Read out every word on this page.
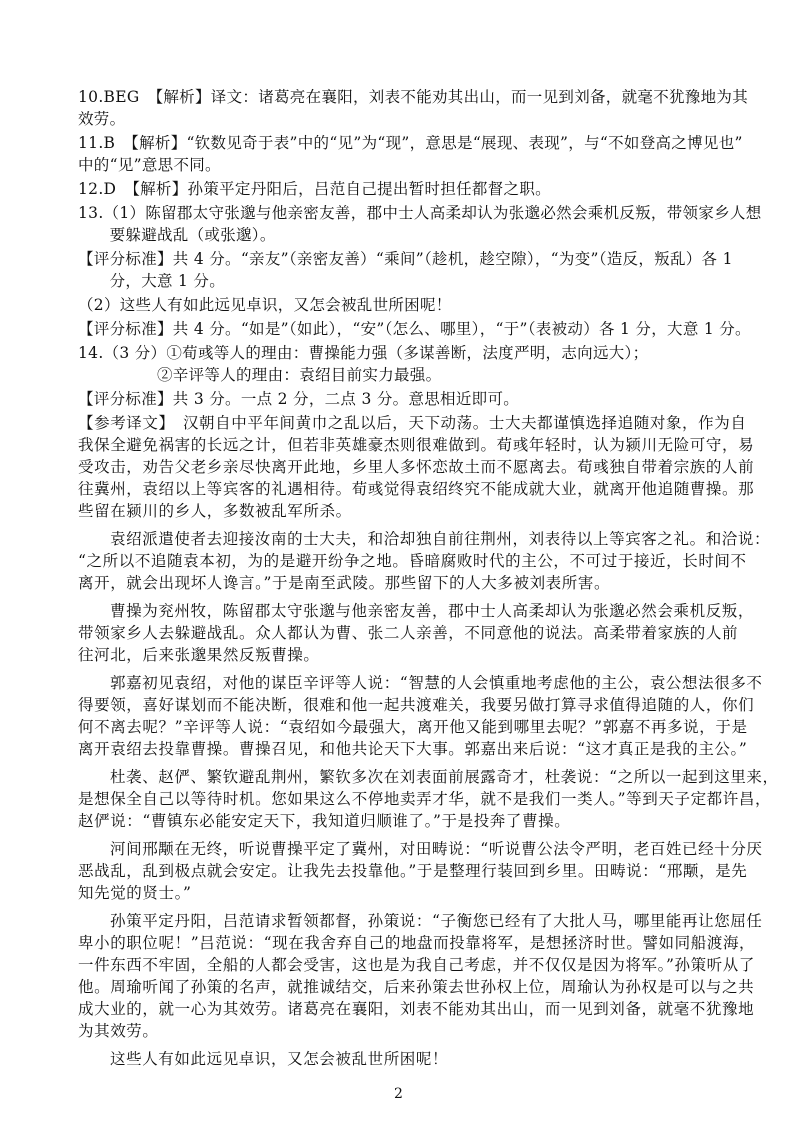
10.BEG　【解析】译文：诸葛亮在襄阳，刘表不能劝其出山，而一见到刘备，就毫不犹豫地为其
效劳。
11.B　【解析】“钦数见奇于表”中的“见”为“现”，意思是“展现、表现”，与“不如登高之博见也”
中的“见”意思不同。
12.D　【解析】孙策平定丹阳后，吕范自己提出暂时担任都督之职。
13.（1）陈留郡太守张邈与他亲密友善，郡中士人高柔却认为张邈必然会乘机反叛，带领家乡人想
　　要躲避战乱（或张邈）。
【评分标准】共 4 分。“亲友”（亲密友善）“乘间”（趁机，趁空隙），“为变”（造反，叛乱）各 1
　　分，大意 1 分。
（2）这些人有如此远见卓识，又怎会被乱世所困呢！
【评分标准】共 4 分。“如是”（如此），“安”（怎么、哪里），“于”（表被动）各 1 分，大意 1 分。
14.（3 分）①荀彧等人的理由：曹操能力强（多谋善断，法度严明，志向远大）；
　　　　　②辛评等人的理由：袁绍目前实力最强。
【评分标准】共 3 分。一点 2 分，二点 3 分。意思相近即可。
【参考译文】　汉朝自中平年间黄巾之乱以后，天下动荡。士大夫都谨慎选择追随对象，作为自
我保全避免祸害的长远之计，但若非英雄豪杰则很难做到。荀彧年轻时，认为颍川无险可守，易
受攻击，劝告父老乡亲尽快离开此地，乡里人多怀恋故土而不愿离去。荀彧独自带着宗族的人前
往冀州，袁绍以上等宾客的礼遇相待。荀彧觉得袁绍终究不能成就大业，就离开他追随曹操。那
些留在颍川的乡人，多数被乱军所杀。
袁绍派遣使者去迎接汝南的士大夫，和洽却独自前往荆州，刘表待以上等宾客之礼。和洽说：
“之所以不追随袁本初，为的是避开纷争之地。昏暗腐败时代的主公，不可过于接近，长时间不
离开，就会出现坏人谗言。”于是南至武陵。那些留下的人大多被刘表所害。
曹操为兖州牧，陈留郡太守张邈与他亲密友善，郡中士人高柔却认为张邈必然会乘机反叛，
带领家乡人去躲避战乱。众人都认为曹、张二人亲善，不同意他的说法。高柔带着家族的人前
往河北，后来张邈果然反叛曹操。
郭嘉初见袁绍，对他的谋臣辛评等人说：“智慧的人会慎重地考虑他的主公，袁公想法很多不
得要领，喜好谋划而不能决断，很难和他一起共渡难关，我要另做打算寻求值得追随的人，你们
何不离去呢？”辛评等人说：“袁绍如今最强大，离开他又能到哪里去呢？”郭嘉不再多说，于是
离开袁绍去投靠曹操。曹操召见，和他共论天下大事。郭嘉出来后说：“这才真正是我的主公。”
杜袭、赵俨、繁钦避乱荆州，繁钦多次在刘表面前展露奇才，杜袭说：“之所以一起到这里来，
是想保全自己以等待时机。您如果这么不停地卖弄才华，就不是我们一类人。”等到天子定都许昌，
赵俨说：“曹镇东必能安定天下，我知道归顺谁了。”于是投奔了曹操。
河间邢颙在无终，听说曹操平定了冀州，对田畴说：“听说曹公法令严明，老百姓已经十分厌
恶战乱，乱到极点就会安定。让我先去投靠他。”于是整理行装回到乡里。田畴说：“邢颙，是先
知先觉的贤士。”
孙策平定丹阳，吕范请求暂领都督，孙策说：“子衡您已经有了大批人马，哪里能再让您屈任
卑小的职位呢！”吕范说：“现在我舍弃自己的地盘而投靠将军，是想拯济时世。譬如同船渡海，
一件东西不牢固，全船的人都会受害，这也是为我自己考虑，并不仅仅是因为将军。”孙策听从了
他。周瑜听闻了孙策的名声，就推诚结交，后来孙策去世孙权上位，周瑜认为孙权是可以与之共
成大业的，就一心为其效劳。诸葛亮在襄阳，刘表不能劝其出山，而一见到刘备，就毫不犹豫地
为其效劳。
这些人有如此远见卓识，又怎会被乱世所困呢！
2
